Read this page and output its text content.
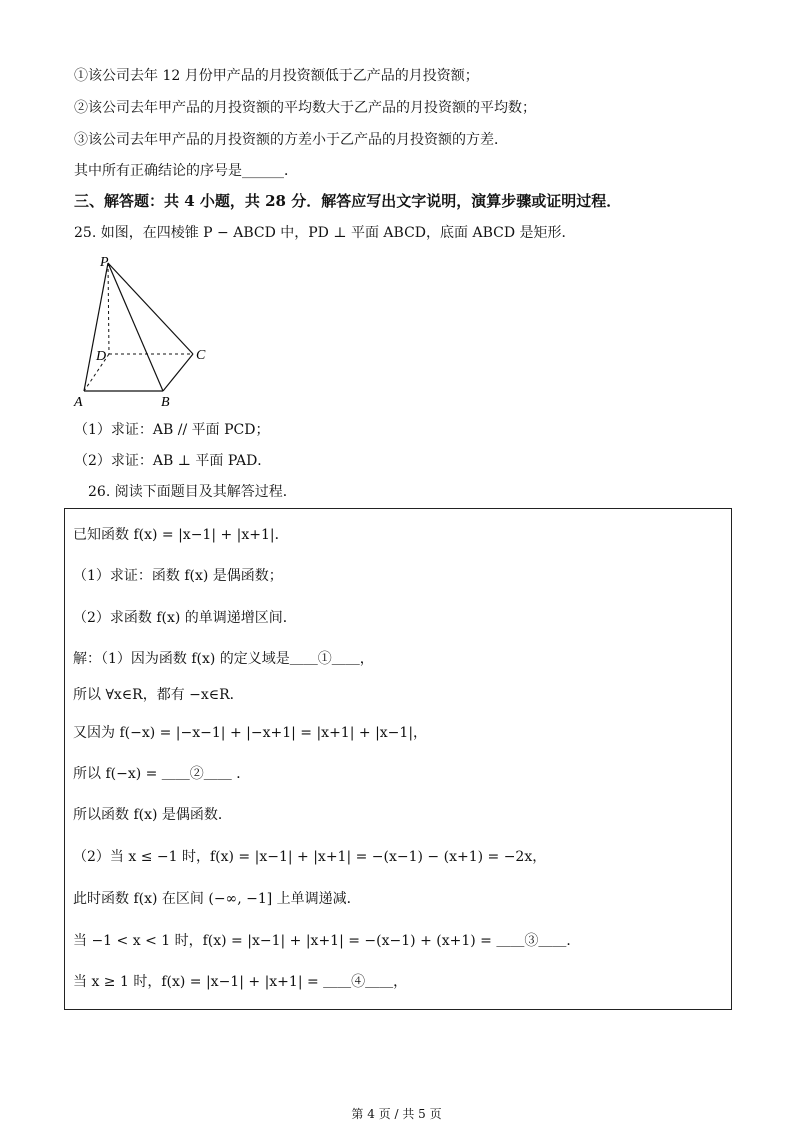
①该公司去年 12 月份甲产品的月投资额低于乙产品的月投资额；
②该公司去年甲产品的月投资额的平均数大于乙产品的月投资额的平均数；
③该公司去年甲产品的月投资额的方差小于乙产品的月投资额的方差．
其中所有正确结论的序号是______．
三、解答题：共 4 小题，共 28 分．解答应写出文字说明，演算步骤或证明过程．
25. 如图，在四棱锥 P − ABCD 中，PD ⊥ 平面 ABCD，底面 ABCD 是矩形．
P
D	C
A	B
（1）求证：AB // 平面 PCD；
（2）求证：AB ⊥ 平面 PAD．
26. 阅读下面题目及其解答过程．
已知函数 f(x) = |x−1| + |x+1|．
（1）求证：函数 f(x) 是偶函数；
（2）求函数 f(x) 的单调递增区间．
解：（1）因为函数 f(x) 的定义域是＿＿①＿＿，
所以 ∀x∈R，都有 −x∈R．
又因为 f(−x) = |−x−1| + |−x+1| = |x+1| + |x−1|，
所以 f(−x) = ＿＿②＿＿ ．
所以函数 f(x) 是偶函数．
（2）当 x ≤ −1 时，f(x) = |x−1| + |x+1| = −(x−1) − (x+1) = −2x，
此时函数 f(x) 在区间 (−∞, −1] 上单调递减．
当 −1 < x < 1 时，f(x) = |x−1| + |x+1| = −(x−1) + (x+1) = ＿＿③＿＿．
当 x ≥ 1 时，f(x) = |x−1| + |x+1| = ＿＿④＿＿，
第 4 页 / 共 5 页
